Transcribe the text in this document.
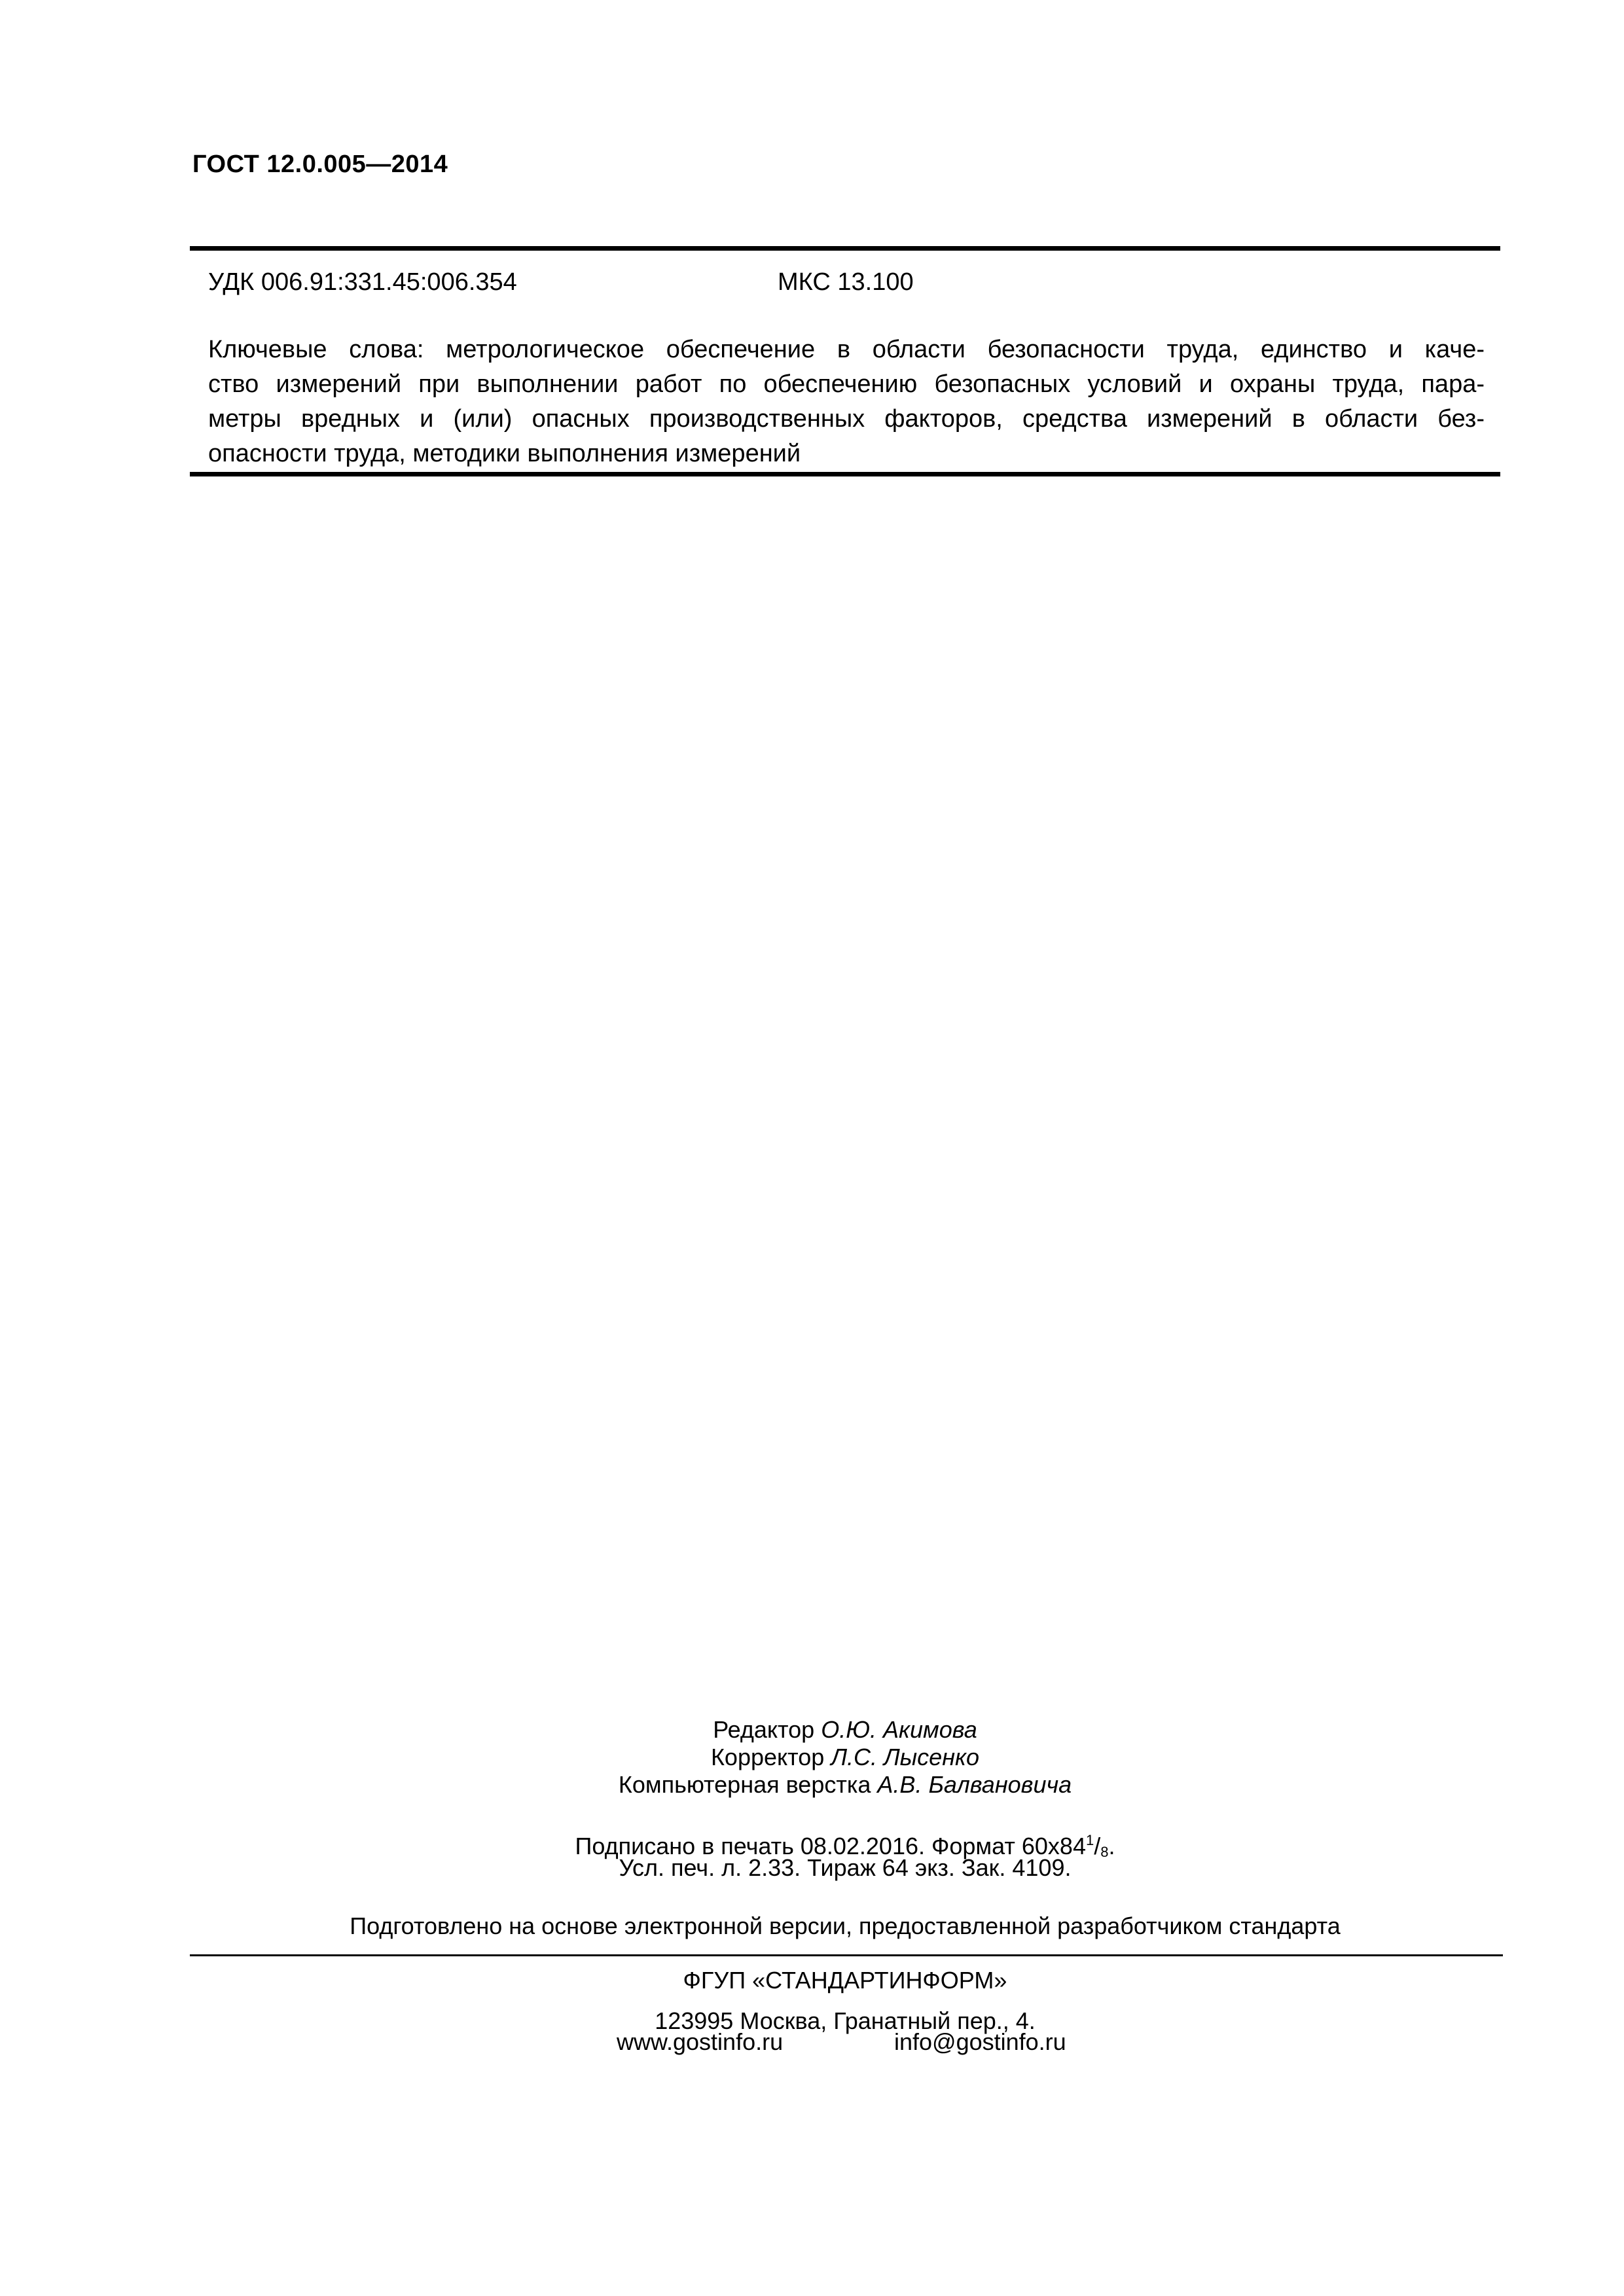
ГОСТ 12.0.005—2014
УДК 006.91:331.45:006.354	МКС 13.100
Ключевые слова: метрологическое обеспечение в области безопасности труда, единство и каче-
ство измерений при выполнении работ по обеспечению безопасных условий и охраны труда, пара-
метры вредных и (или) опасных производственных факторов, средства измерений в области без-
опасности труда, методики выполнения измерений
Редактор О.Ю. Акимова
Корректор Л.С. Лысенко
Компьютерная верстка А.В. Балвановича
Подписано в печать 08.02.2016. Формат $60х84^1/8$.
Усл. печ. л. 2.33. Тираж 64 экз. Зак. 4109.
Подготовлено на основе электронной версии, предоставленной разработчиком стандарта
ФГУП «СТАНДАРТИНФОРМ»
123995 Москва, Гранатный пер., 4.
www.gostinfo.ru	info@gostinfo.ru
